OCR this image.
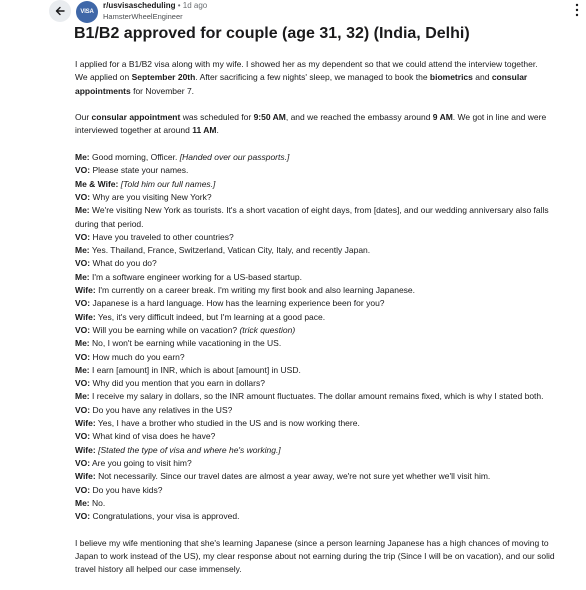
VISA
r/usvisascheduling • 1d ago
HamsterWheelEngineer
B1/B2 approved for couple (age 31, 32) (India, Delhi)

I applied for a B1/B2 visa along with my wife. I showed her as my dependent so that we could attend the interview together.
We applied on September 20th. After sacrificing a few nights' sleep, we managed to book the biometrics and consular appointments for November 7.

Our consular appointment was scheduled for 9:50 AM, and we reached the embassy around 9 AM. We got in line and were interviewed together at around 11 AM.

Me: Good morning, Officer. [Handed over our passports.]

VO: Please state your names.

Me & Wife: [Told him our full names.]

VO: Why are you visiting New York?

Me: We're visiting New York as tourists. It's a short vacation of eight days, from [dates], and our wedding anniversary also falls during that period.

VO: Have you traveled to other countries?

Me: Yes. Thailand, France, Switzerland, Vatican City, Italy, and recently Japan.

VO: What do you do?

Me: I'm a software engineer working for a US-based startup.

Wife: I'm currently on a career break. I'm writing my first book and also learning Japanese.

VO: Japanese is a hard language. How has the learning experience been for you?

Wife: Yes, it's very difficult indeed, but I'm learning at a good pace.

VO: Will you be earning while on vacation? (trick question)

Me: No, I won't be earning while vacationing in the US.

VO: How much do you earn?

Me: I earn [amount] in INR, which is about [amount] in USD.

VO: Why did you mention that you earn in dollars?

Me: I receive my salary in dollars, so the INR amount fluctuates. The dollar amount remains fixed, which is why I stated both.

VO: Do you have any relatives in the US?

Wife: Yes, I have a brother who studied in the US and is now working there.

VO: What kind of visa does he have?

Wife: [Stated the type of visa and where he's working.]

VO: Are you going to visit him?

Wife: Not necessarily. Since our travel dates are almost a year away, we're not sure yet whether we'll visit him.

VO: Do you have kids?

Me: No.

VO: Congratulations, your visa is approved.

I believe my wife mentioning that she's learning Japanese (since a person learning Japanese has a high chances of moving to Japan to work instead of the US), my clear response about not earning during the trip (Since I will be on vacation), and our solid travel history all helped our case immensely.
